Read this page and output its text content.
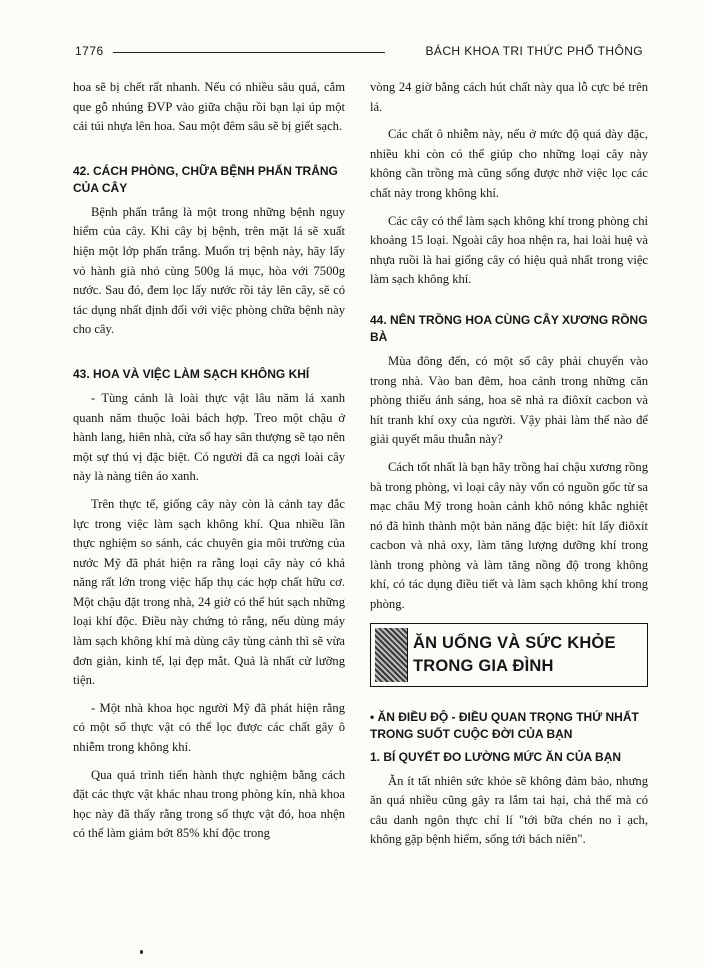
1776	BÁCH KHOA TRI THỨC PHỔ THÔNG

hoa sẽ bị chết rất nhanh. Nếu có nhiều sâu quá, cắm que gỗ nhúng ĐVP vào giữa chậu rồi bạn lại úp một cái túi nhựa lên hoa. Sau một đêm sâu sẽ bị giết sạch.

42. CÁCH PHÒNG, CHỮA BỆNH PHẤN TRẮNG CỦA CÂY

Bệnh phấn trắng là một trong những bệnh nguy hiểm của cây. Khi cây bị bệnh, trên mặt lá sẽ xuất hiện một lớp phấn trắng. Muốn trị bệnh này, hãy lấy vỏ hành già nhỏ cùng 500g lá mục, hòa với 7500g nước. Sau đó, đem lọc lấy nước rồi tảy lên cây, sẽ có tác dụng nhất định đối với việc phòng chữa bệnh này cho cây.

43. HOA VÀ VIỆC LÀM SẠCH KHÔNG KHÍ

- Tùng cảnh là loài thực vật lâu năm lá xanh quanh năm thuộc loài bách hợp. Treo một chậu ở hành lang, hiên nhà, cửa sổ hay sân thượng sẽ tạo nên một sự thú vị đặc biệt. Có người đã ca ngợi loài cây này là nàng tiên áo xanh.

Trên thực tế, giống cây này còn là cảnh tay đắc lực trong việc làm sạch không khí. Qua nhiều lần thực nghiệm so sánh, các chuyên gia môi trường của nước Mỹ đã phát hiện ra rằng loại cây này có khả năng rất lớn trong việc hấp thụ các hợp chất hữu cơ. Một chậu đặt trong nhà, 24 giờ có thể hút sạch những loại khí độc. Điều này chứng tỏ rằng, nếu dùng máy làm sạch không khí mà dùng cây tùng cảnh thì sẽ vừa đơn giản, kinh tế, lại đẹp mắt. Quả là nhất cử lưỡng tiện.

- Một nhà khoa học người Mỹ đã phát hiện rằng có một số thực vật có thể lọc được các chất gây ô nhiễm trong không khí.

Qua quá trình tiến hành thực nghiệm bằng cách đặt các thực vật khác nhau trong phòng kín, nhà khoa học này đã thấy rằng trong số thực vật đó, hoa nhện có thể làm giảm bớt 85% khí độc trong

vòng 24 giờ bằng cách hút chất này qua lỗ cực bé trên lá.

Các chất ô nhiễm này, nếu ở mức độ quá dày đặc, nhiều khi còn có thể giúp cho những loại cây này không cần trồng mà cũng sống được nhờ việc lọc các chất này trong không khí.

Các cây có thể làm sạch không khí trong phòng chỉ khoảng 15 loại. Ngoài cây hoa nhện ra, hai loài huệ và nhựa ruồi là hai giống cây có hiệu quả nhất trong việc làm sạch không khí.

44. NÊN TRỒNG HOA CÙNG CÂY XƯƠNG RỒNG BÀ

Mùa đông đến, có một số cây phải chuyển vào trong nhà. Vào ban đêm, hoa cảnh trong những căn phòng thiếu ánh sáng, hoa sẽ nhả ra điôxít cacbon và hít tranh khí oxy của người. Vậy phải làm thế nào để giải quyết mâu thuẫn này?

Cách tốt nhất là bạn hãy trồng hai chậu xương rồng bà trong phòng, vì loại cây này vốn có nguồn gốc từ sa mạc châu Mỹ trong hoàn cảnh khô nóng khắc nghiệt nó đã hình thành một bản năng đặc biệt: hít lấy điôxít cacbon và nhả oxy, làm tăng lượng dưỡng khí trong lành trong phòng và làm tăng nồng độ trong không khí, có tác dụng điều tiết và làm sạch không khí trong phòng.

ĂN UỐNG VÀ SỨC KHỎE TRONG GIA ĐÌNH
• ĂN ĐIỀU ĐỘ - ĐIỀU QUAN TRỌNG THỨ NHẤT TRONG SUỐT CUỘC ĐỜI CỦA BẠN
1. BÍ QUYẾT ĐO LƯỜNG MỨC ĂN CỦA BẠN

Ăn ít tất nhiên sức khỏe sẽ không đảm bảo, nhưng ăn quá nhiều cũng gây ra lắm tai hại, chả thế mà có câu danh ngôn thực chỉ lí "tới bữa chén no ì ạch, không gặp bệnh hiểm, sống tới bách niên".
